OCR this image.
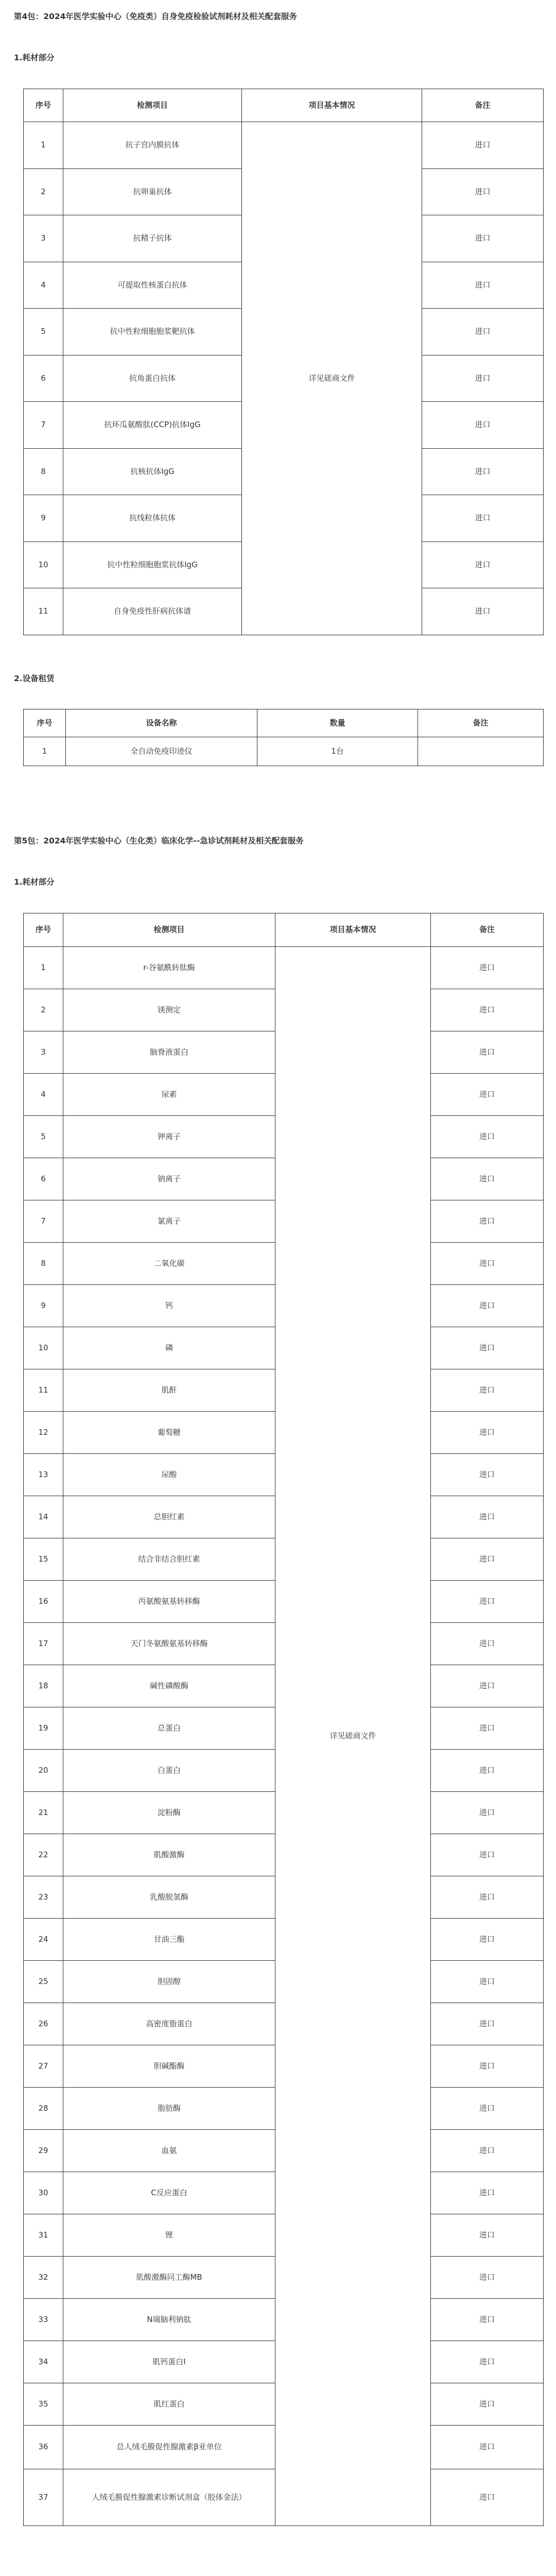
第4包：2024年医学实验中心（免疫类）自身免疫检验试剂耗材及相关配套服务
1.耗材部分
序号	检测项目	项目基本情况	备注
1	抗子宫内膜抗体	详见磋商文件	进口
2	抗卵巢抗体		进口
3	抗精子抗体		进口
4	可提取性核蛋白抗体		进口
5	抗中性粒细胞胞浆靶抗体		进口
6	抗角蛋白抗体		进口
7	抗环瓜氨酸肽(CCP)抗体IgG		进口
8	抗核抗体IgG		进口
9	抗线粒体抗体		进口
10	抗中性粒细胞胞浆抗体IgG		进口
11	自身免疫性肝病抗体谱		进口
2.设备租赁
序号	设备名称	数量	备注
1	全自动免疫印迹仪	1台	
第5包：2024年医学实验中心（生化类）临床化学--急诊试剂耗材及相关配套服务
1.耗材部分
序号	检测项目	项目基本情况	备注
1	r-谷氨酰转肽酶	详见磋商文件	进口
2	镁测定		进口
3	脑脊液蛋白		进口
4	尿素		进口
5	钾离子		进口
6	钠离子		进口
7	氯离子		进口
8	二氧化碳		进口
9	钙		进口
10	磷		进口
11	肌酐		进口
12	葡萄糖		进口
13	尿酸		进口
14	总胆红素		进口
15	结合非结合胆红素		进口
16	丙氨酸氨基转移酶		进口
17	天门冬氨酸氨基转移酶		进口
18	碱性磷酸酶		进口
19	总蛋白		进口
20	白蛋白		进口
21	淀粉酶		进口
22	肌酸激酶		进口
23	乳酸脱氢酶		进口
24	甘油三酯		进口
25	胆固醇		进口
26	高密度脂蛋白		进口
27	胆碱酯酶		进口
28	脂肪酶		进口
29	血氨		进口
30	C反应蛋白		进口
31	锂		进口
32	肌酸激酶同工酶MB		进口
33	N端脑利钠肽		进口
34	肌钙蛋白I		进口
35	肌红蛋白		进口
36	总人绒毛膜促性腺激素β亚单位		进口
37	人绒毛膜促性腺激素诊断试剂盒（胶体金法）		进口
